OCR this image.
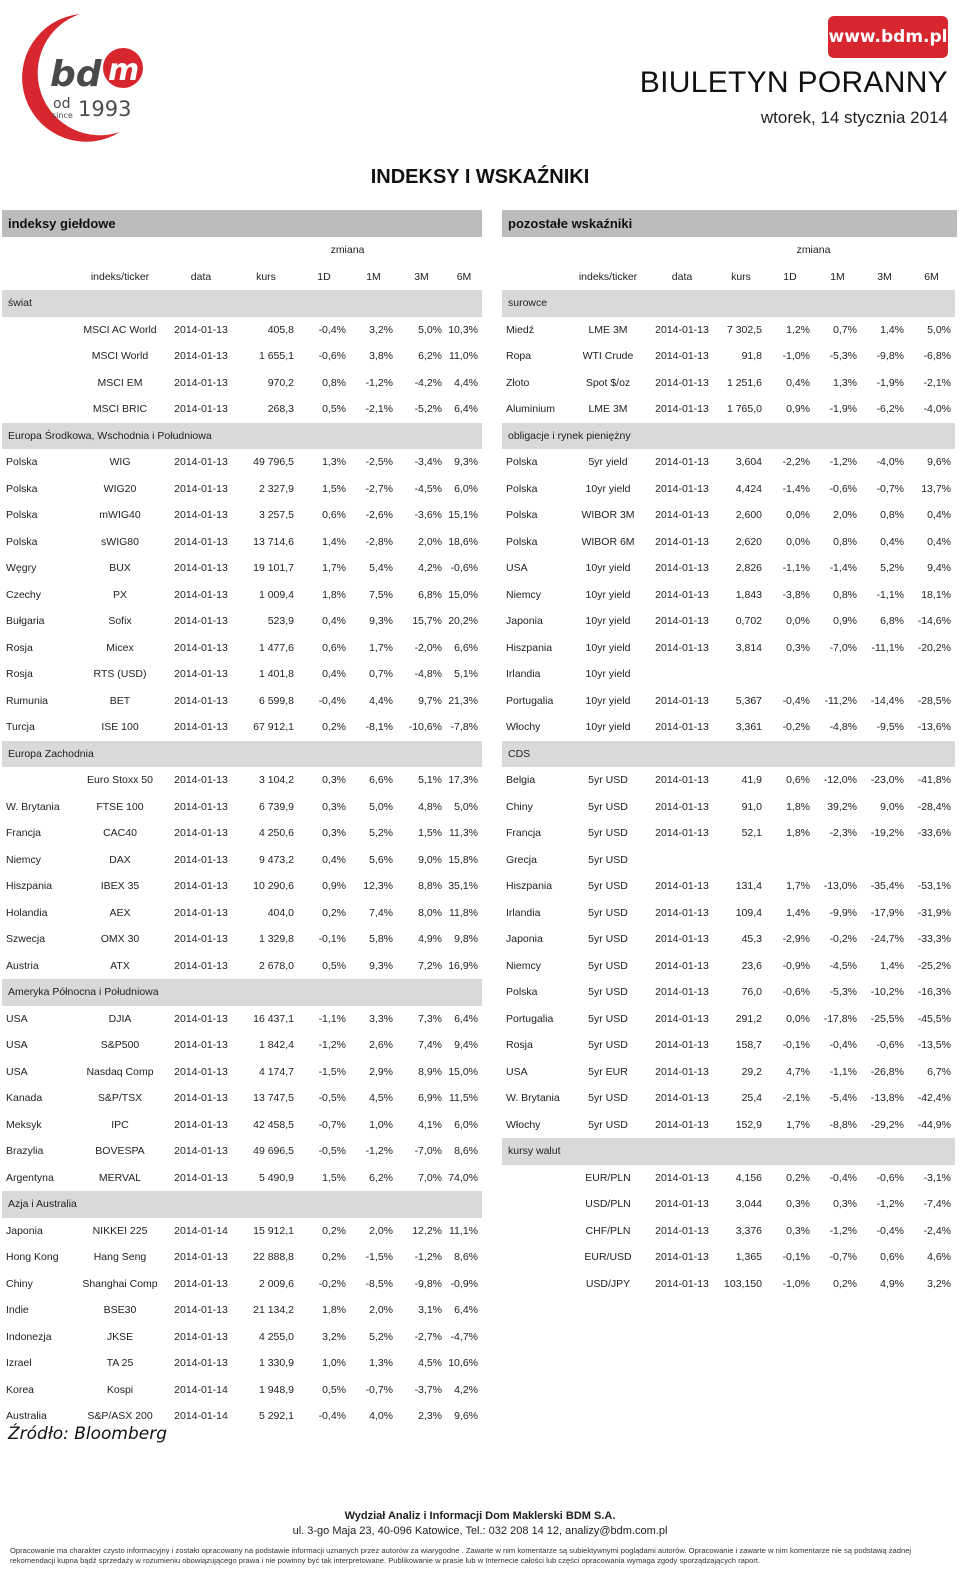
bd m
od
since 1993
www.bdm.pl
BIULETYN PORANNY
wtorek, 14 stycznia 2014
INDEKSY I WSKAŹNIKI
indeksy giełdowe
				zmiana			
	indeks/ticker	data	kurs	1D	1M	3M	6M
świat							
	MSCI AC World	2014-01-13	405,8	-0,4%	3,2%	5,0%	10,3%
	MSCI World	2014-01-13	1 655,1	-0,6%	3,8%	6,2%	11,0%
	MSCI EM	2014-01-13	970,2	0,8%	-1,2%	-4,2%	4,4%
	MSCI BRIC	2014-01-13	268,3	0,5%	-2,1%	-5,2%	6,4%
Europa Środkowa, Wschodnia i Południowa							
Polska	WIG	2014-01-13	49 796,5	1,3%	-2,5%	-3,4%	9,3%
Polska	WIG20	2014-01-13	2 327,9	1,5%	-2,7%	-4,5%	6,0%
Polska	mWIG40	2014-01-13	3 257,5	0,6%	-2,6%	-3,6%	15,1%
Polska	sWIG80	2014-01-13	13 714,6	1,4%	-2,8%	2,0%	18,6%
Węgry	BUX	2014-01-13	19 101,7	1,7%	5,4%	4,2%	-0,6%
Czechy	PX	2014-01-13	1 009,4	1,8%	7,5%	6,8%	15,0%
Bułgaria	Sofix	2014-01-13	523,9	0,4%	9,3%	15,7%	20,2%
Rosja	Micex	2014-01-13	1 477,6	0,6%	1,7%	-2,0%	6,6%
Rosja	RTS (USD)	2014-01-13	1 401,8	0,4%	0,7%	-4,8%	5,1%
Rumunia	BET	2014-01-13	6 599,8	-0,4%	4,4%	9,7%	21,3%
Turcja	ISE 100	2014-01-13	67 912,1	0,2%	-8,1%	-10,6%	-7,8%
Europa Zachodnia							
	Euro Stoxx 50	2014-01-13	3 104,2	0,3%	6,6%	5,1%	17,3%
W. Brytania	FTSE 100	2014-01-13	6 739,9	0,3%	5,0%	4,8%	5,0%
Francja	CAC40	2014-01-13	4 250,6	0,3%	5,2%	1,5%	11,3%
Niemcy	DAX	2014-01-13	9 473,2	0,4%	5,6%	9,0%	15,8%
Hiszpania	IBEX 35	2014-01-13	10 290,6	0,9%	12,3%	8,8%	35,1%
Holandia	AEX	2014-01-13	404,0	0,2%	7,4%	8,0%	11,8%
Szwecja	OMX 30	2014-01-13	1 329,8	-0,1%	5,8%	4,9%	9,8%
Austria	ATX	2014-01-13	2 678,0	0,5%	9,3%	7,2%	16,9%
Ameryka Północna i Południowa							
USA	DJIA	2014-01-13	16 437,1	-1,1%	3,3%	7,3%	6,4%
USA	S&P500	2014-01-13	1 842,4	-1,2%	2,6%	7,4%	9,4%
USA	Nasdaq Comp	2014-01-13	4 174,7	-1,5%	2,9%	8,9%	15,0%
Kanada	S&P/TSX	2014-01-13	13 747,5	-0,5%	4,5%	6,9%	11,5%
Meksyk	IPC	2014-01-13	42 458,5	-0,7%	1,0%	4,1%	6,0%
Brazylia	BOVESPA	2014-01-13	49 696,5	-0,5%	-1,2%	-7,0%	8,6%
Argentyna	MERVAL	2014-01-13	5 490,9	1,5%	6,2%	7,0%	74,0%
Azja i Australia							
Japonia	NIKKEI 225	2014-01-14	15 912,1	0,2%	2,0%	12,2%	11,1%
Hong Kong	Hang Seng	2014-01-13	22 888,8	0,2%	-1,5%	-1,2%	8,6%
Chiny	Shanghai Comp	2014-01-13	2 009,6	-0,2%	-8,5%	-9,8%	-0,9%
Indie	BSE30	2014-01-13	21 134,2	1,8%	2,0%	3,1%	6,4%
Indonezja	JKSE	2014-01-13	4 255,0	3,2%	5,2%	-2,7%	-4,7%
Izrael	TA 25	2014-01-13	1 330,9	1,0%	1,3%	4,5%	10,6%
Korea	Kospi	2014-01-14	1 948,9	0,5%	-0,7%	-3,7%	4,2%
Australia	S&P/ASX 200	2014-01-14	5 292,1	-0,4%	4,0%	2,3%	9,6%
pozostałe wskaźniki
				zmiana			
	indeks/ticker	data	kurs	1D	1M	3M	6M
surowce							
Miedź	LME 3M	2014-01-13	7 302,5	1,2%	0,7%	1,4%	5,0%
Ropa	WTI Crude	2014-01-13	91,8	-1,0%	-5,3%	-9,8%	-6,8%
Złoto	Spot $/oz	2014-01-13	1 251,6	0,4%	1,3%	-1,9%	-2,1%
Aluminium	LME 3M	2014-01-13	1 765,0	0,9%	-1,9%	-6,2%	-4,0%
obligacje i rynek pieniężny							
Polska	5yr yield	2014-01-13	3,604	-2,2%	-1,2%	-4,0%	9,6%
Polska	10yr yield	2014-01-13	4,424	-1,4%	-0,6%	-0,7%	13,7%
Polska	WIBOR 3M	2014-01-13	2,600	0,0%	2,0%	0,8%	0,4%
Polska	WIBOR 6M	2014-01-13	2,620	0,0%	0,8%	0,4%	0,4%
USA	10yr yield	2014-01-13	2,826	-1,1%	-1,4%	5,2%	9,4%
Niemcy	10yr yield	2014-01-13	1,843	-3,8%	0,8%	-1,1%	18,1%
Japonia	10yr yield	2014-01-13	0,702	0,0%	0,9%	6,8%	-14,6%
Hiszpania	10yr yield	2014-01-13	3,814	0,3%	-7,0%	-11,1%	-20,2%
Irlandia	10yr yield						
Portugalia	10yr yield	2014-01-13	5,367	-0,4%	-11,2%	-14,4%	-28,5%
Włochy	10yr yield	2014-01-13	3,361	-0,2%	-4,8%	-9,5%	-13,6%
CDS							
Belgia	5yr USD	2014-01-13	41,9	0,6%	-12,0%	-23,0%	-41,8%
Chiny	5yr USD	2014-01-13	91,0	1,8%	39,2%	9,0%	-28,4%
Francja	5yr USD	2014-01-13	52,1	1,8%	-2,3%	-19,2%	-33,6%
Grecja	5yr USD						
Hiszpania	5yr USD	2014-01-13	131,4	1,7%	-13,0%	-35,4%	-53,1%
Irlandia	5yr USD	2014-01-13	109,4	1,4%	-9,9%	-17,9%	-31,9%
Japonia	5yr USD	2014-01-13	45,3	-2,9%	-0,2%	-24,7%	-33,3%
Niemcy	5yr USD	2014-01-13	23,6	-0,9%	-4,5%	1,4%	-25,2%
Polska	5yr USD	2014-01-13	76,0	-0,6%	-5,3%	-10,2%	-16,3%
Portugalia	5yr USD	2014-01-13	291,2	0,0%	-17,8%	-25,5%	-45,5%
Rosja	5yr USD	2014-01-13	158,7	-0,1%	-0,4%	-0,6%	-13,5%
USA	5yr EUR	2014-01-13	29,2	4,7%	-1,1%	-26,8%	6,7%
W. Brytania	5yr USD	2014-01-13	25,4	-2,1%	-5,4%	-13,8%	-42,4%
Włochy	5yr USD	2014-01-13	152,9	1,7%	-8,8%	-29,2%	-44,9%
kursy walut							
	EUR/PLN	2014-01-13	4,156	0,2%	-0,4%	-0,6%	-3,1%
	USD/PLN	2014-01-13	3,044	0,3%	0,3%	-1,2%	-7,4%
	CHF/PLN	2014-01-13	3,376	0,3%	-1,2%	-0,4%	-2,4%
	EUR/USD	2014-01-13	1,365	-0,1%	-0,7%	0,6%	4,6%
	USD/JPY	2014-01-13	103,150	-1,0%	0,2%	4,9%	3,2%
Źródło: Bloomberg
Wydział Analiz i Informacji Dom Maklerski BDM S.A.
ul. 3-go Maja 23, 40-096 Katowice, Tel.: 032 208 14 12, analizy@bdm.com.pl
Opracowanie ma charakter czysto informacyjny i zostało opracowany na podstawie informacji uznanych przez autorów za wiarygodne . Zawarte w nim komentarze są subiektywnymi poglądami autorów. Opracowanie i zawarte w nim komentarze nie są podstawą żadnej rekomendacji kupna bądź sprzedaży w rozumieniu obowiązującego prawa i nie powinny być tak interpretowane. Publikowanie w prasie lub w Internecie całości lub części opracowania wymaga zgody sporządzających raport.
